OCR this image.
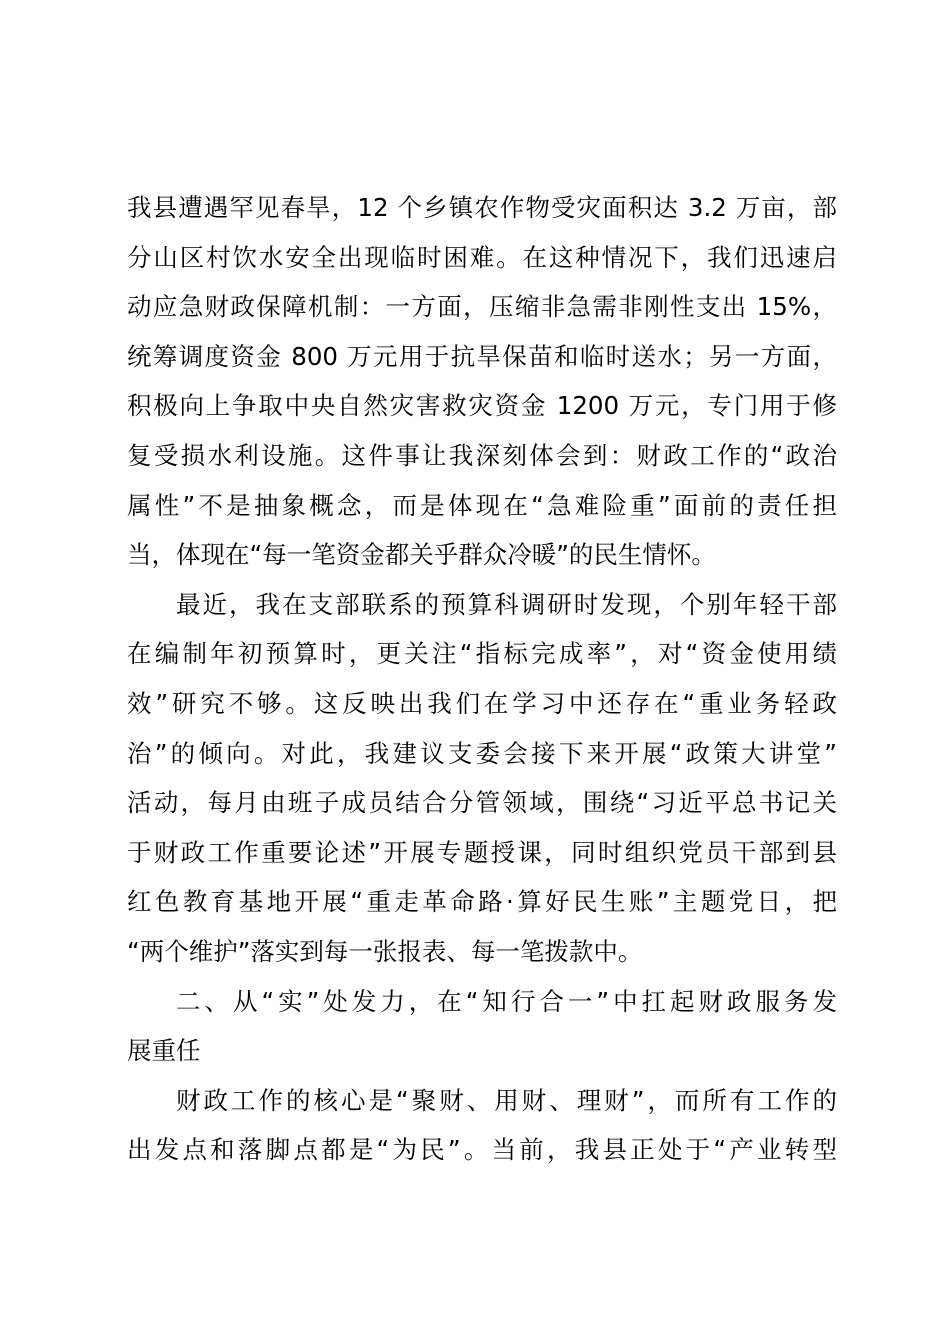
我县遭遇罕见春旱，12 个乡镇农作物受灾面积达 3.2 万亩，部
分山区村饮水安全出现临时困难。在这种情况下，我们迅速启
动应急财政保障机制：一方面，压缩非急需非刚性支出 15%，
统筹调度资金 800 万元用于抗旱保苗和临时送水；另一方面，
积极向上争取中央自然灾害救灾资金 1200 万元，专门用于修
复受损水利设施。这件事让我深刻体会到：财政工作的“政治
属性”不是抽象概念，而是体现在“急难险重”面前的责任担
当，体现在“每一笔资金都关乎群众冷暖”的民生情怀。
最近，我在支部联系的预算科调研时发现，个别年轻干部
在编制年初预算时，更关注“指标完成率”，对“资金使用绩
效”研究不够。这反映出我们在学习中还存在“重业务轻政
治”的倾向。对此，我建议支委会接下来开展“政策大讲堂”
活动，每月由班子成员结合分管领域，围绕“习近平总书记关
于财政工作重要论述”开展专题授课，同时组织党员干部到县
红色教育基地开展“重走革命路·算好民生账”主题党日，把
“两个维护”落实到每一张报表、每一笔拨款中。
二、从“实”处发力，在“知行合一”中扛起财政服务发
展重任
财政工作的核心是“聚财、用财、理财”，而所有工作的
出发点和落脚点都是“为民”。当前，我县正处于“产业转型
